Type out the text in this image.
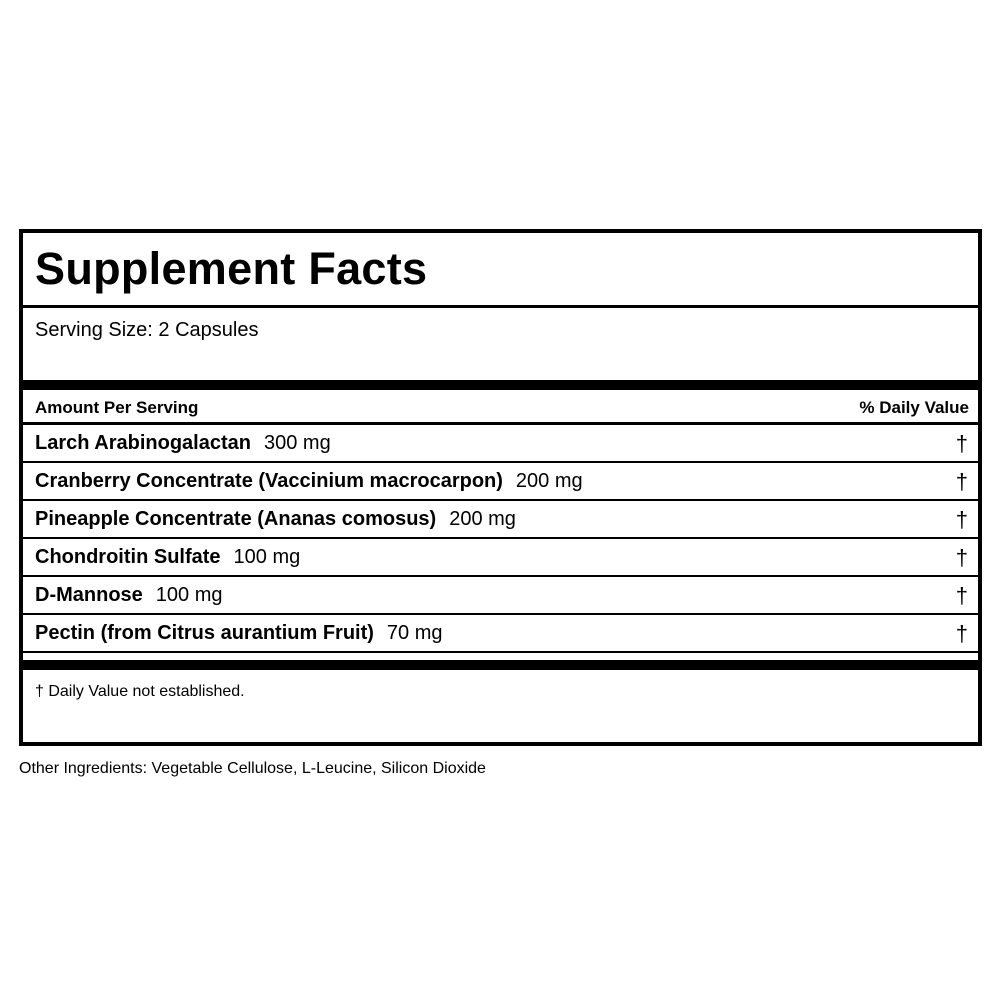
Supplement Facts
Serving Size: 2 Capsules
Amount Per Serving	% Daily Value
Larch Arabinogalactan 300 mg	†
Cranberry Concentrate (Vaccinium macrocarpon) 200 mg	†
Pineapple Concentrate (Ananas comosus) 200 mg	†
Chondroitin Sulfate 100 mg	†
D-Mannose 100 mg	†
Pectin (from Citrus aurantium Fruit) 70 mg	†
† Daily Value not established.
Other Ingredients: Vegetable Cellulose, L-Leucine, Silicon Dioxide
